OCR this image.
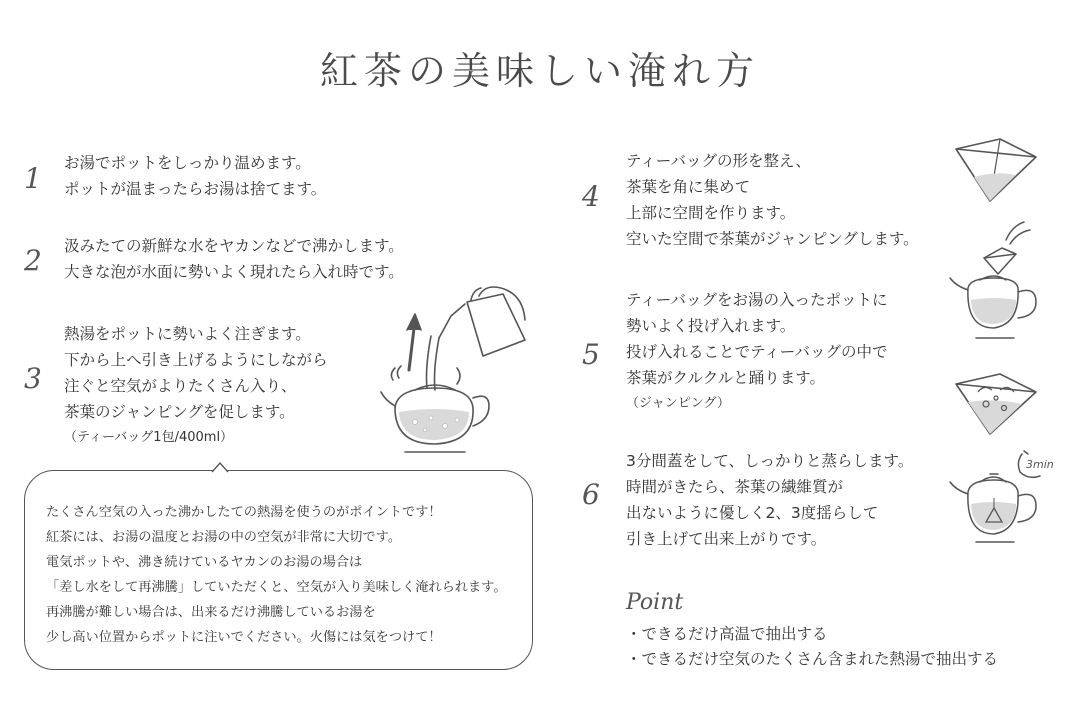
紅茶の美味しい淹れ方
1 お湯でポットをしっかり温めます。
ポットが温まったらお湯は捨てます。
2 汲みたての新鮮な水をヤカンなどで沸かします。
大きな泡が水面に勢いよく現れたら入れ時です。
3
熱湯をポットに勢いよく注ぎます。
下から上へ引き上げるようにしながら
注ぐと空気がよりたくさん入り、
茶葉のジャンピングを促します。
（ティーバッグ1包/400ml）
たくさん空気の入った沸かしたての熱湯を使うのがポイントです！
紅茶には、お湯の温度とお湯の中の空気が非常に大切です。
電気ポットや、沸き続けているヤカンのお湯の場合は
「差し水をして再沸騰」していただくと、空気が入り美味しく淹れられます。
再沸騰が難しい場合は、出来るだけ沸騰しているお湯を
少し高い位置からポットに注いでください。火傷には気をつけて！
4
ティーバッグの形を整え、
茶葉を角に集めて
上部に空間を作ります。
空いた空間で茶葉がジャンピングします。
5
ティーバッグをお湯の入ったポットに
勢いよく投げ入れます。
投げ入れることでティーバッグの中で
茶葉がクルクルと踊ります。
（ジャンピング）
6
3分間蓋をして、しっかりと蒸らします。
時間がきたら、茶葉の繊維質が
出ないように優しく2、3度揺らして
引き上げて出来上がりです。
3min
Point
・できるだけ高温で抽出する
・できるだけ空気のたくさん含まれた熱湯で抽出する
